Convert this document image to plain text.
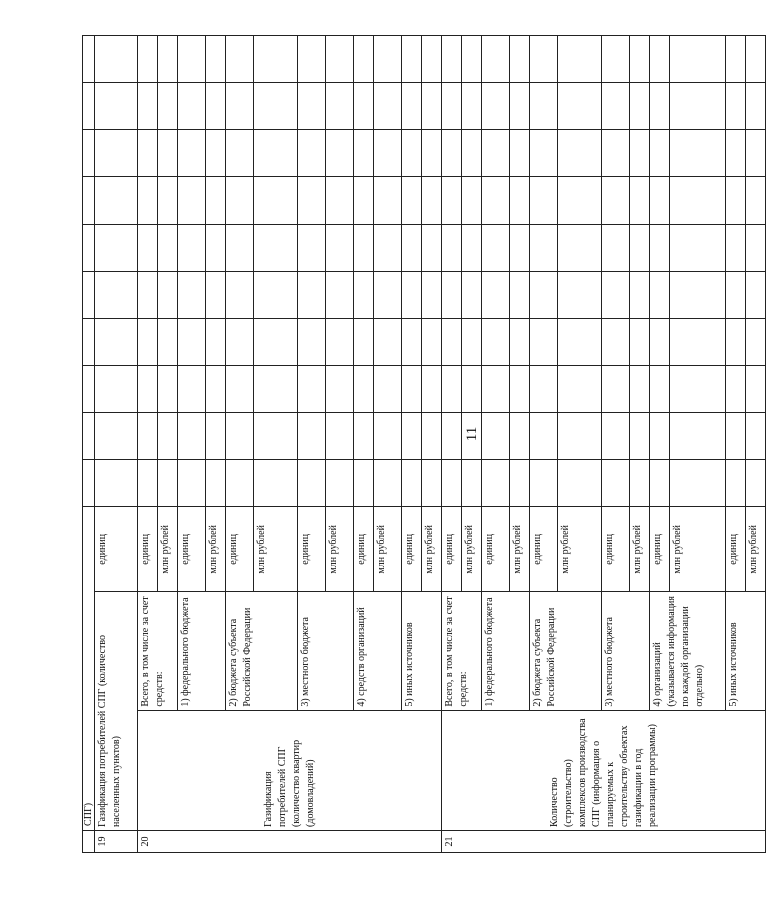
11
	СПГ)												
19	Газификация потребителей СПГ (количество населенных пунктов)		единиц										
20	Газификация потребителей СПГ (количество квартир (домовладений)	Всего, в том числе за счет средств:	единиц										
			млн рублей										
		1) федерального бюджета	единиц										
			млн рублей										
		2) бюджета субъекта Российской Федерации	единиц										
			млн рублей										
		3) местного бюджета	единиц										
			млн рублей										
		4) средств организаций	единиц										
			млн рублей										
		5) иных источников	единиц										
			млн рублей										
21	Количество (строительство) комплексов производства СПГ (информация о планируемых к строительству объектах газификации в год реализации программы)	Всего, в том числе за счет средств:	единиц										
			млн рублей										
		1) федерального бюджета	единиц										
			млн рублей										
		2) бюджета субъекта Российской Федерации	единиц										
			млн рублей										
		3) местного бюджета	единиц										
			млн рублей										
		4) организаций (указывается информация по каждой организации отдельно)	единиц										
			млн рублей										
		5) иных источников	единиц										
			млн рублей										
